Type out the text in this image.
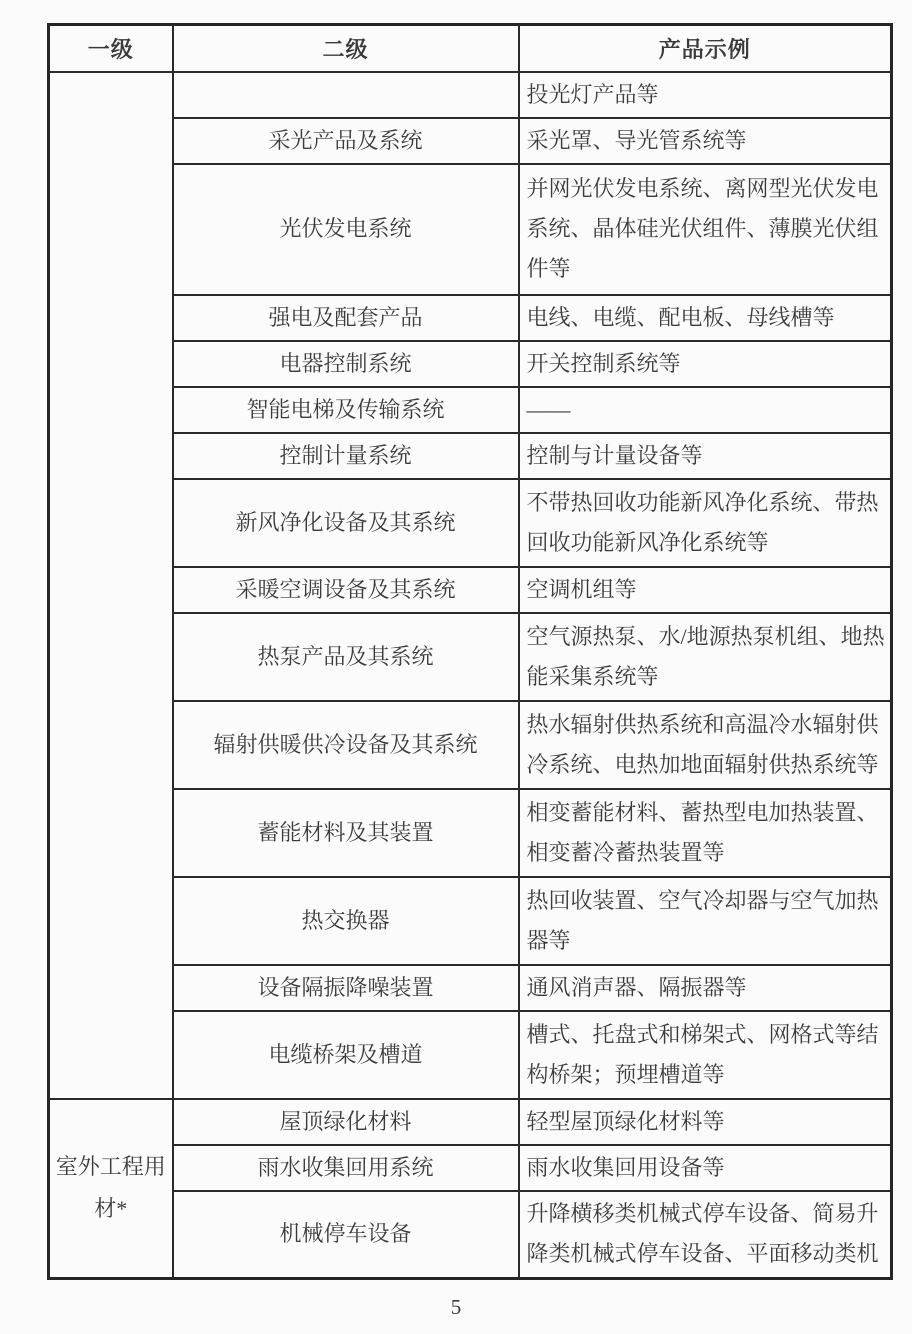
一级	二级	产品示例
		投光灯产品等
	采光产品及系统	采光罩、导光管系统等
	光伏发电系统	并网光伏发电系统、离网型光伏发电系统、晶体硅光伏组件、薄膜光伏组件等
	强电及配套产品	电线、电缆、配电板、母线槽等
	电器控制系统	开关控制系统等
	智能电梯及传输系统	——
	控制计量系统	控制与计量设备等
	新风净化设备及其系统	不带热回收功能新风净化系统、带热回收功能新风净化系统等
	采暖空调设备及其系统	空调机组等
	热泵产品及其系统	空气源热泵、水/地源热泵机组、地热能采集系统等
	辐射供暖供冷设备及其系统	热水辐射供热系统和高温冷水辐射供冷系统、电热加地面辐射供热系统等
	蓄能材料及其装置	相变蓄能材料、蓄热型电加热装置、相变蓄冷蓄热装置等
	热交换器	热回收装置、空气冷却器与空气加热器等
	设备隔振降噪装置	通风消声器、隔振器等
	电缆桥架及槽道	槽式、托盘式和梯架式、网格式等结构桥架；预埋槽道等
室外工程用材*	屋顶绿化材料	轻型屋顶绿化材料等
	雨水收集回用系统	雨水收集回用设备等
	机械停车设备	升降横移类机械式停车设备、简易升降类机械式停车设备、平面移动类机
5
